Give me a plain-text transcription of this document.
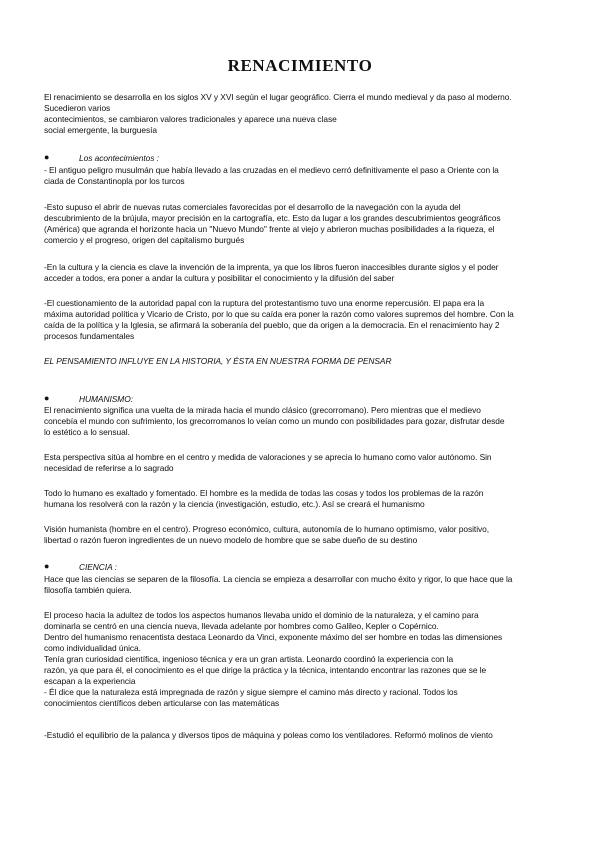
RENACIMIENTO
El renacimiento se desarrolla en los siglos XV y XVI según el lugar geográfico. Cierra el mundo medieval y da paso al moderno.
Sucedieron varios
acontecimientos, se cambiaron valores tradicionales y aparece una nueva clase
social emergente, la burguesía
●	Los acontecimientos :
- El antiguo peligro musulmán que había llevado a las cruzadas en el medievo cerró definitivamente el paso a Oriente con la
ciada de Constantinopla por los turcos
-Esto supuso el abrir de nuevas rutas comerciales favorecidas por el desarrollo de la navegación con la ayuda del
descubrimiento de la brújula, mayor precisión en la cartografía, etc. Esto da lugar a los grandes descubrimientos geográficos
(América) que agranda el horizonte hacia un "Nuevo Mundo" frente al viejo y abrieron muchas posibilidades a la riqueza, el
comercio y el progreso, origen del capitalismo burgués
-En la cultura y la ciencia es clave la invención de la imprenta, ya que los libros fueron inaccesibles durante siglos y el poder
acceder a todos, era poner a andar la cultura y posibilitar el conocimiento y la difusión del saber
-El cuestionamiento de la autoridad papal con la ruptura del protestantismo tuvo una enorme repercusión. El papa era la
máxima autoridad política y Vicario de Cristo, por lo que su caída era poner la razón como valores supremos del hombre. Con la
caída de la política y la Iglesia, se afirmará la soberanía del pueblo, que da origen a la democracia. En el renacimiento hay 2
procesos fundamentales
EL PENSAMIENTO INFLUYE EN LA HISTORIA, Y ÉSTA EN NUESTRA FORMA DE PENSAR
●	HUMANISMO:
El renacimiento significa una vuelta de la mirada hacia el mundo clásico (grecorromano). Pero mientras que el medievo
concebía el mundo con sufrimiento, los grecorromanos lo veían como un mundo con posibilidades para gozar, disfrutar desde
lo estético a lo sensual.
Esta perspectiva sitúa al hombre en el centro y medida de valoraciones y se aprecia lo humano como valor autónomo. Sin
necesidad de referirse a lo sagrado
Todo lo humano es exaltado y fomentado. El hombre es la medida de todas las cosas y todos los problemas de la razón
humana los resolverá con la razón y la ciencia (investigación, estudio, etc.). Así se creará el humanismo
Visión humanista (hombre en el centro). Progreso económico, cultura, autonomía de lo humano optimismo, valor positivo,
libertad o razón fueron ingredientes de un nuevo modelo de hombre que se sabe dueño de su destino
●	CIENCIA :
Hace que las ciencias se separen de la filosofía. La ciencia se empieza a desarrollar con mucho éxito y rigor, lo que hace que la
filosofía también quiera.
El proceso hacia la adultez de todos los aspectos humanos llevaba unido el dominio de la naturaleza, y el camino para
dominarla se centró en una ciencia nueva, llevada adelante por hombres como Galileo, Kepler o Copérnico.
Dentro del humanismo renacentista destaca Leonardo da Vinci, exponente máximo del ser hombre en todas las dimensiones
como individualidad única.
Tenía gran curiosidad científica, ingenioso técnica y era un gran artista. Leonardo coordinó la experiencia con la
razón, ya que para él, el conocimiento es el que dirige la práctica y la técnica, intentando encontrar las razones que se le
escapan a la experiencia
- Él dice que la naturaleza está impregnada de razón y sigue siempre el camino más directo y racional. Todos los
conocimientos científicos deben articularse con las matemáticas
-Estudió el equilibrio de la palanca y diversos tipos de máquina y poleas como los ventiladores. Reformó molinos de viento
